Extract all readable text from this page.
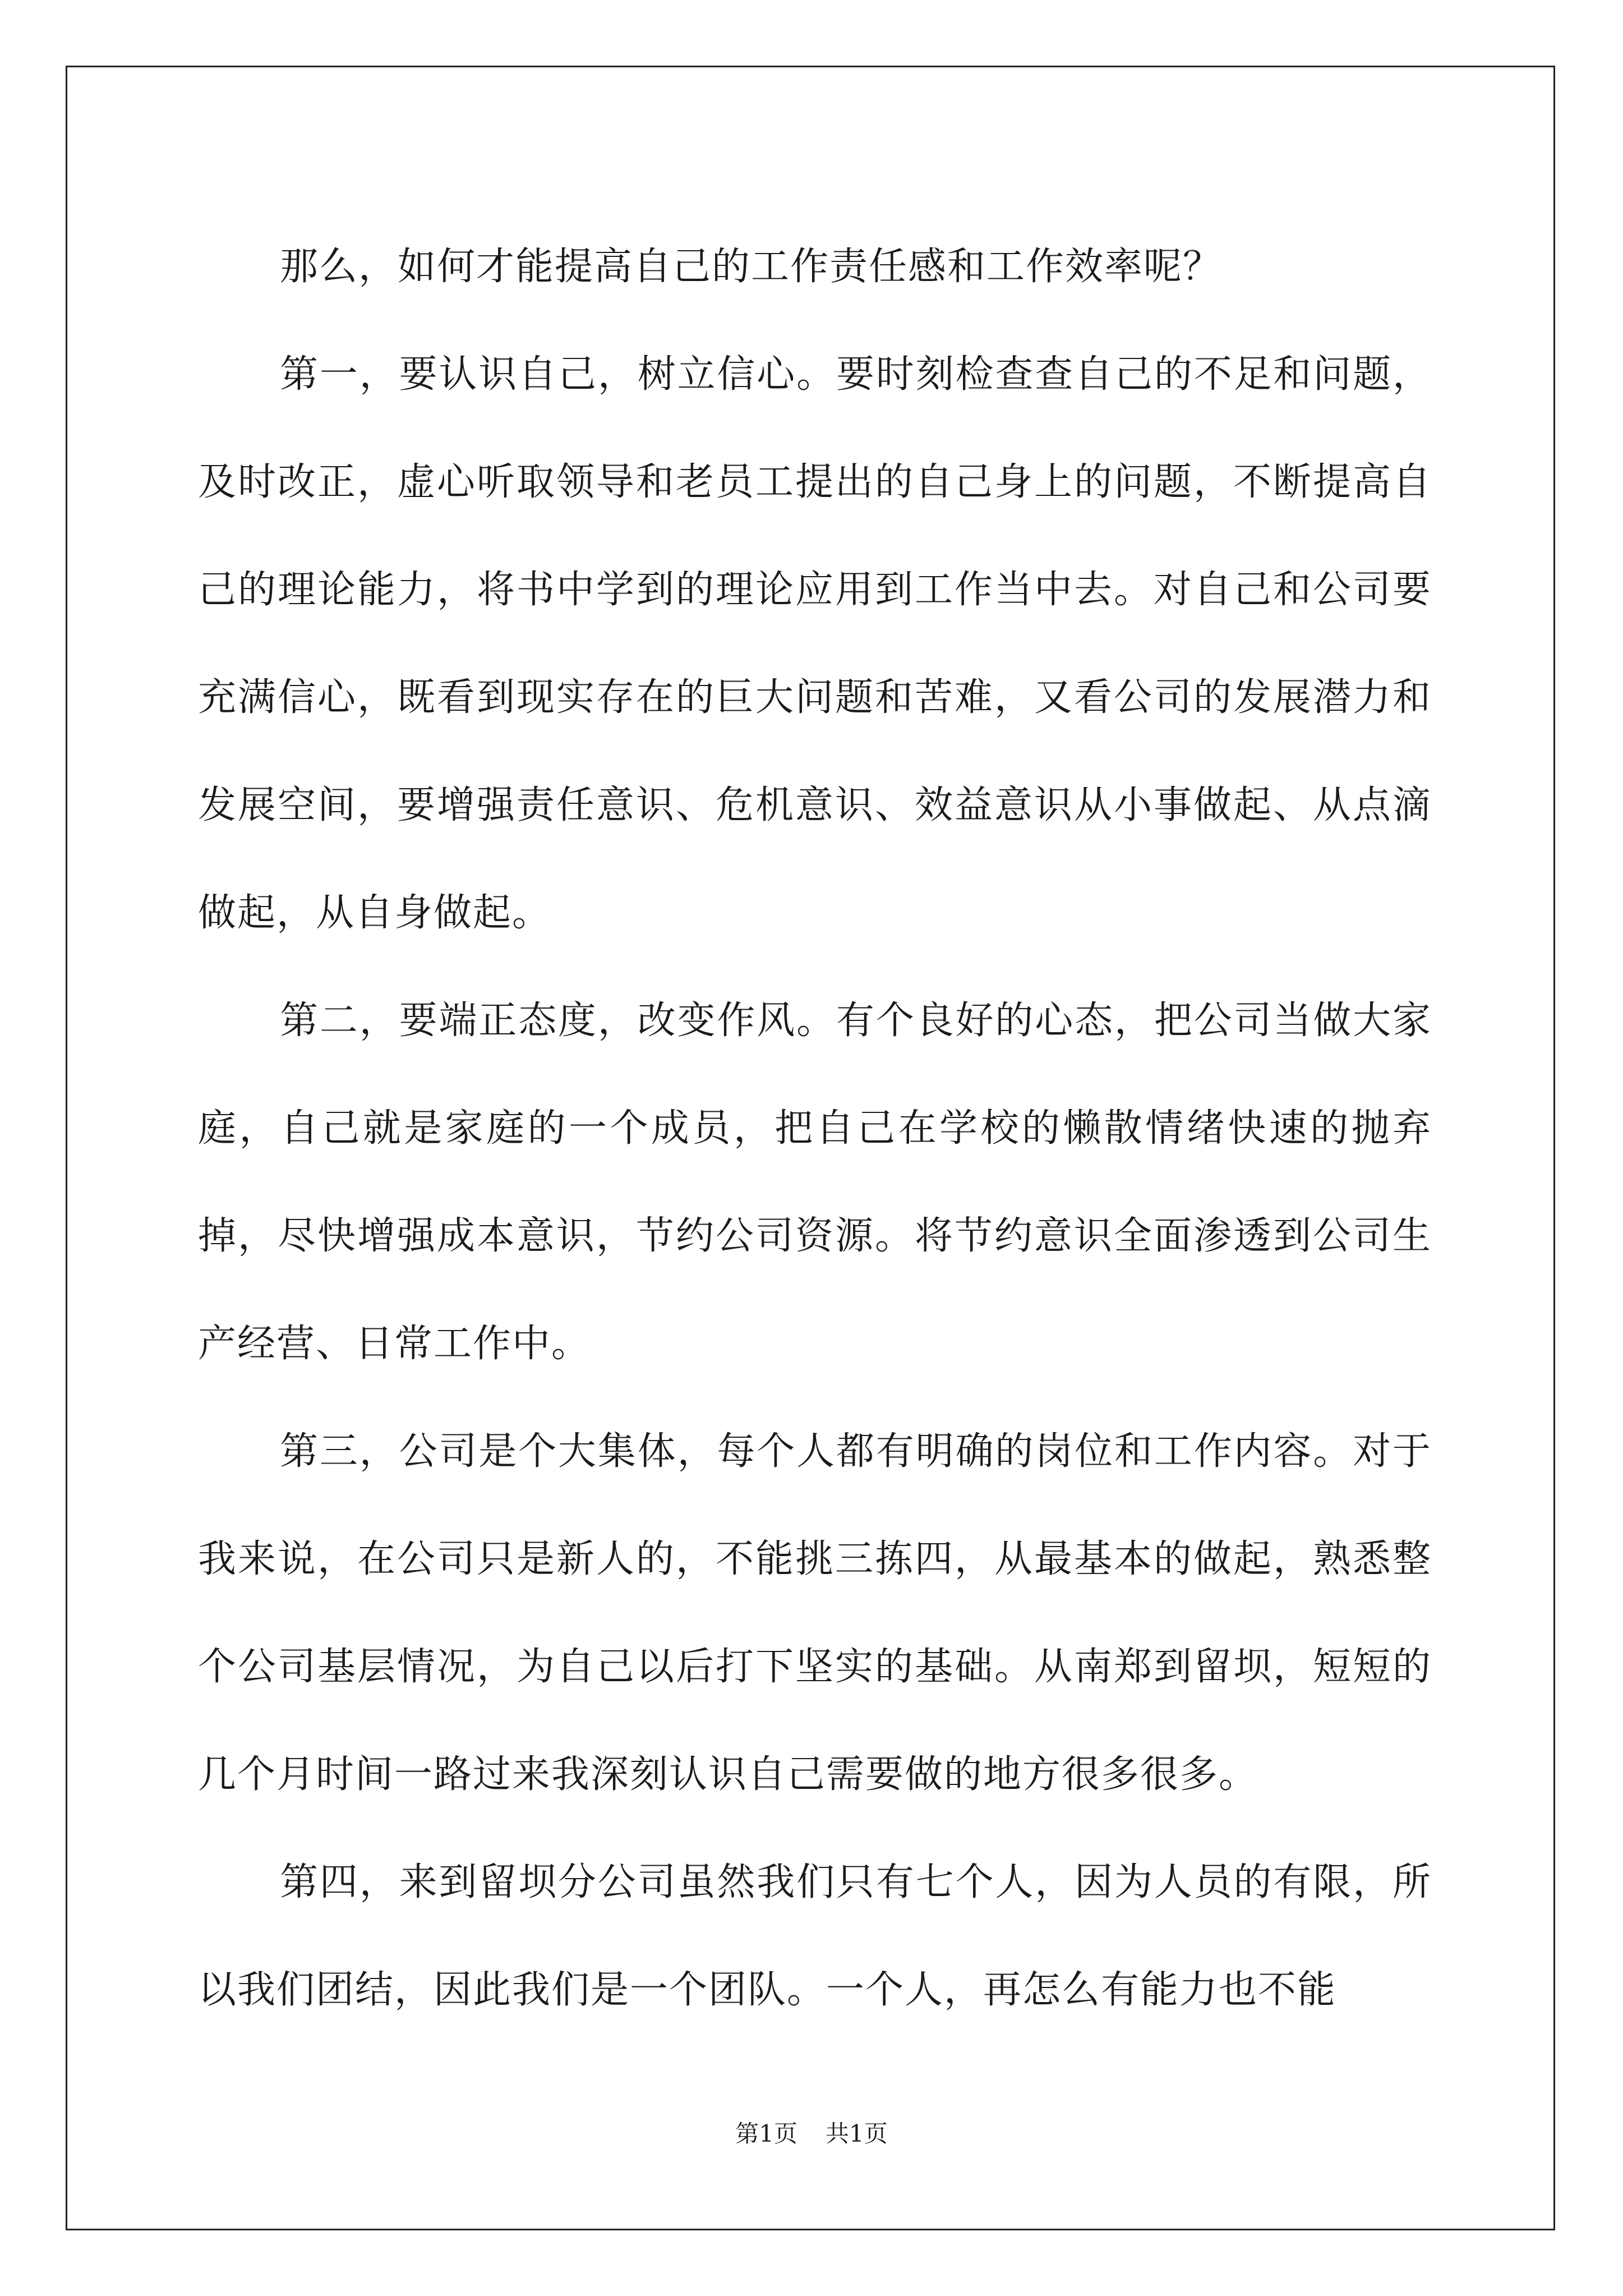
那么，如何才能提高自己的工作责任感和工作效率呢？

第一，要认识自己，树立信心。要时刻检查查自己的不足和问题，及时改正，虚心听取领导和老员工提出的自己身上的问题，不断提高自己的理论能力，将书中学到的理论应用到工作当中去。对自己和公司要充满信心，既看到现实存在的巨大问题和苦难，又看公司的发展潜力和发展空间，要增强责任意识、危机意识、效益意识从小事做起、从点滴做起，从自身做起。

第二，要端正态度，改变作风。有个良好的心态，把公司当做大家庭，自己就是家庭的一个成员，把自己在学校的懒散情绪快速的抛弃掉，尽快增强成本意识，节约公司资源。将节约意识全面渗透到公司生产经营、日常工作中。

第三，公司是个大集体，每个人都有明确的岗位和工作内容。对于我来说，在公司只是新人的，不能挑三拣四，从最基本的做起，熟悉整个公司基层情况，为自己以后打下坚实的基础。从南郑到留坝，短短的几个月时间一路过来我深刻认识自己需要做的地方很多很多。

第四，来到留坝分公司虽然我们只有七个人，因为人员的有限，所以我们团结，因此我们是一个团队。一个人，再怎么有能力也不能

第1页 共1页
